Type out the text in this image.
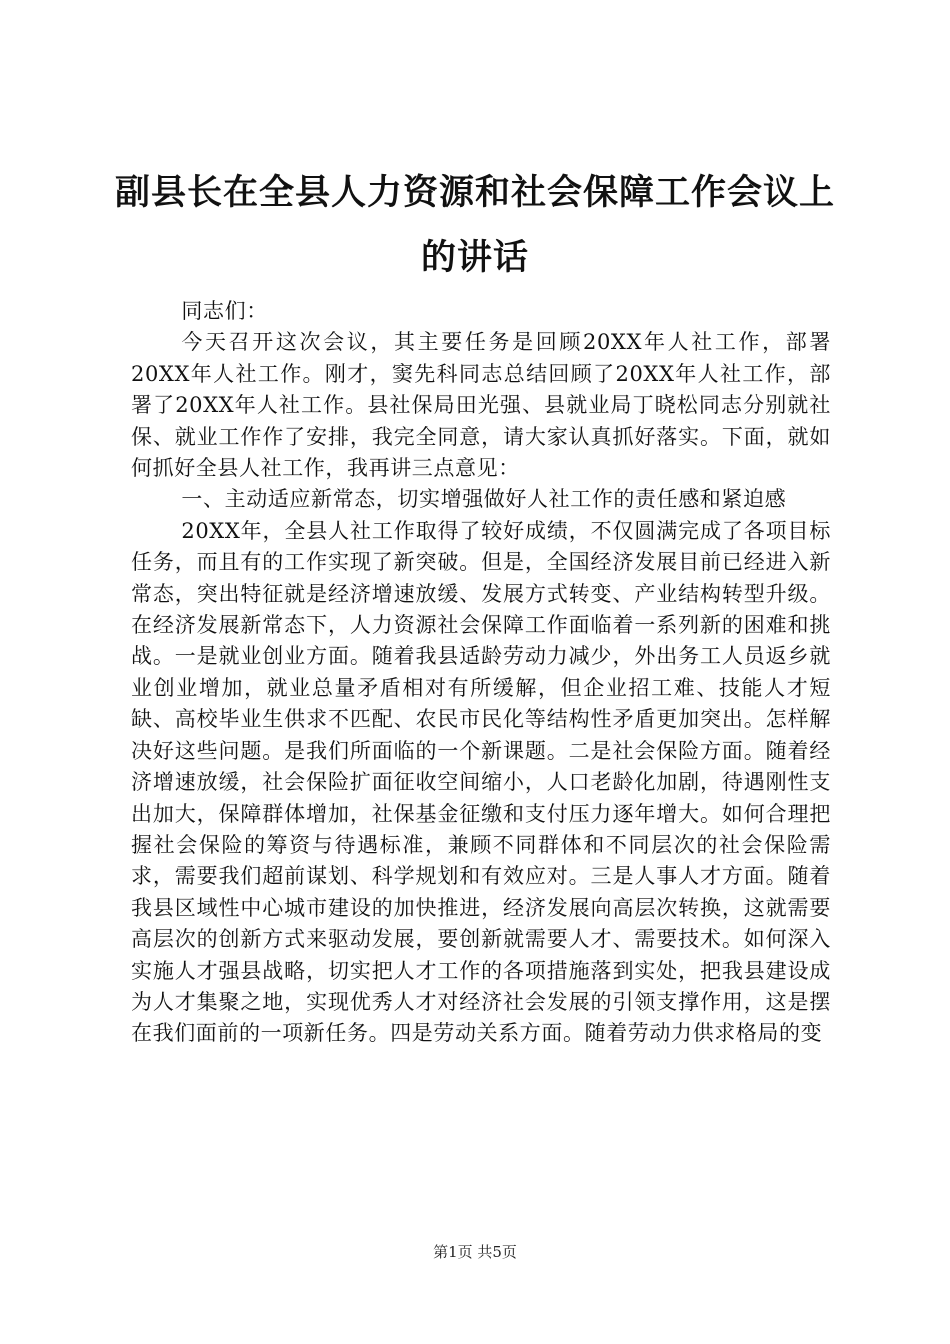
副县长在全县人力资源和社会保障工作会议上的讲话

同志们：

今天召开这次会议，其主要任务是回顾20XX年人社工作，部署20XX年人社工作。刚才，窦先科同志总结回顾了20XX年人社工作，部署了20XX年人社工作。县社保局田光强、县就业局丁晓松同志分别就社保、就业工作作了安排，我完全同意，请大家认真抓好落实。下面，就如何抓好全县人社工作，我再讲三点意见：

一、主动适应新常态，切实增强做好人社工作的责任感和紧迫感

20XX年，全县人社工作取得了较好成绩，不仅圆满完成了各项目标任务，而且有的工作实现了新突破。但是，全国经济发展目前已经进入新常态，突出特征就是经济增速放缓、发展方式转变、产业结构转型升级。在经济发展新常态下，人力资源社会保障工作面临着一系列新的困难和挑战。一是就业创业方面。随着我县适龄劳动力减少，外出务工人员返乡就业创业增加，就业总量矛盾相对有所缓解，但企业招工难、技能人才短缺、高校毕业生供求不匹配、农民市民化等结构性矛盾更加突出。怎样解决好这些问题。是我们所面临的一个新课题。二是社会保险方面。随着经济增速放缓，社会保险扩面征收空间缩小，人口老龄化加剧，待遇刚性支出加大，保障群体增加，社保基金征缴和支付压力逐年增大。如何合理把握社会保险的筹资与待遇标准，兼顾不同群体和不同层次的社会保险需求，需要我们超前谋划、科学规划和有效应对。三是人事人才方面。随着我县区域性中心城市建设的加快推进，经济发展向高层次转换，这就需要高层次的创新方式来驱动发展，要创新就需要人才、需要技术。如何深入实施人才强县战略，切实把人才工作的各项措施落到实处，把我县建设成为人才集聚之地，实现优秀人才对经济社会发展的引领支撑作用，这是摆在我们面前的一项新任务。四是劳动关系方面。随着劳动力供求格局的变

第1页 共5页
